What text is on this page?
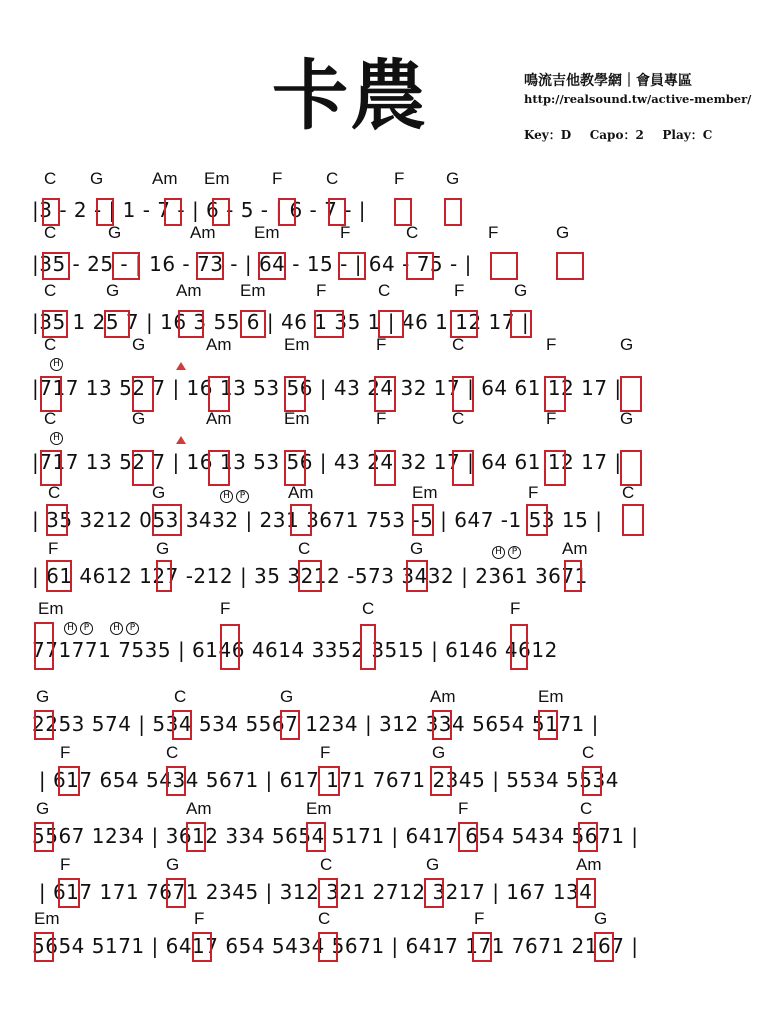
卡農	鳴流吉他教學網｜會員專區
http://realsound.tw/active-member/
Key：D Capo：2 Play：C
C G	Am Em	F	C	F G
|3 - 2 - | 1 - 7 - | 6 - 5 - | 6 - 7 - |
C	G	Am Em	F	C	F	G
|35 - 25 - | 16 - 73 - | 64 - 15 - | 64 - 75 - |
C	G	Am Em	F	C	F	G
|35 1 25 7 | 16 3 55 6 | 46 1 35 1 | 46 1 12 17 |
C	G	Am	Em	F	C	F	G
|717 13 52 7 | 16 13 53 56 | 43 24 32 17 | 64 61 12 17 |
H
C	G	Am	Em	F	C	F	G
|717 13 52 7 | 16 13 53 56 | 43 24 32 17 | 64 61 12 17 |
H
C	G	Am	Em	F	C
| 35 3212 053 3432 | 231 3671 753 -5 | 647 -1 53 15 |
H	P
F	G	C	G	Am
| 61 4612 127 -212 | 35 3212 -573 3432 | 2361 3671
H	P
Em	F	C	F
771771 7535 | 6146 4614 3352 3515 | 6146 4612
H	P	H	P
G	C	G	Am	Em
2253 574 | 534 534 5567 1234 | 312 334 5654 5171 |
F	C	F	G	C
| 617 654 5434 5671 | 617 171 7671 2345 | 5534 5534
G	Am	Em	F	C
5567 1234 | 3612 334 5654 5171 | 6417 654 5434 5671 |
F	G	C	G	Am
| 617 171 7671 2345 | 312 321 2712 3217 | 167 134
Em	F	C	F	G
5654 5171 | 6417 654 5434 5671 | 6417 171 7671 2167 |
